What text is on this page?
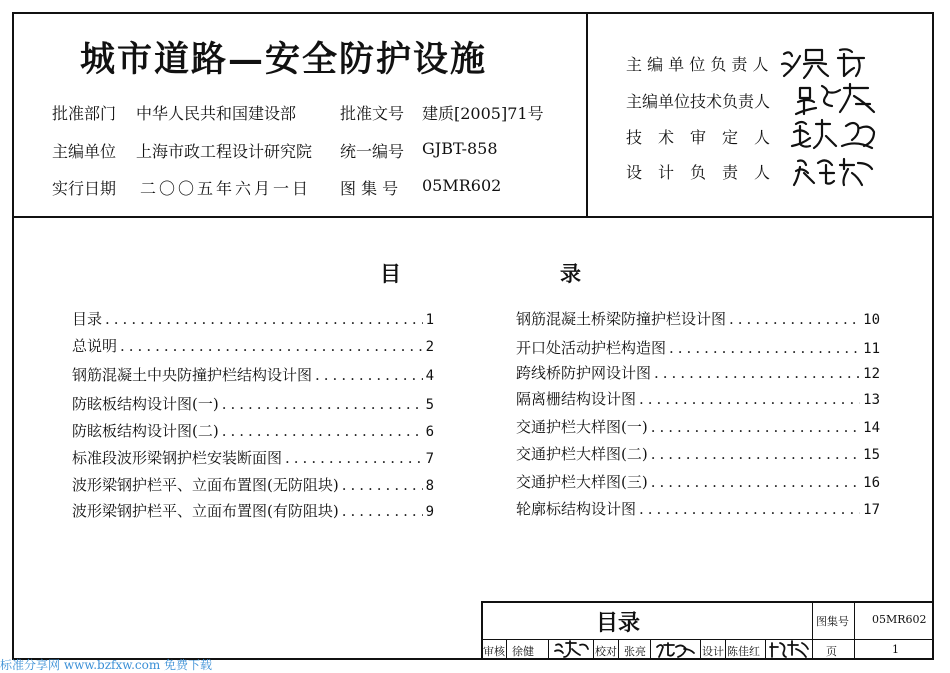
城市道路—安全防护设施
批准部门 中华人民共和国建设部	批准文号 建质[2005]71号
主编单位 上海市政工程设计研究院 统一编号 GJBT-858
实行日期 二〇〇五年六月一日 图 集 号 05MR602
主 编 单 位 负 责 人
主编单位技术负责人
技　术　审　定　人
设　计　负　责　人
目	录
目录 .....	1
总说明 .....	2
钢筋混凝土中央防撞护栏结构设计图 .....	4
防眩板结构设计图(一) .....	5
防眩板结构设计图(二) .....	6
标准段波形梁钢护栏安装断面图 .....	7
波形梁钢护栏平、立面布置图(无防阻块) .....	8
波形梁钢护栏平、立面布置图(有防阻块) .....	9
钢筋混凝土桥梁防撞护栏设计图 .....	10
开口处活动护栏构造图 .....	11
跨线桥防护网设计图 .....	12
隔离栅结构设计图 .....	13
交通护栏大样图(一) .....	14
交通护栏大样图(二) .....	15
交通护栏大样图(三) .....	16
轮廓标结构设计图 .....	17
目录	图集号 05MR602
页	1
审核 徐健	校对 张亮	设计 陈佳红
标准分享网 www.bzfxw.com 免费下载
